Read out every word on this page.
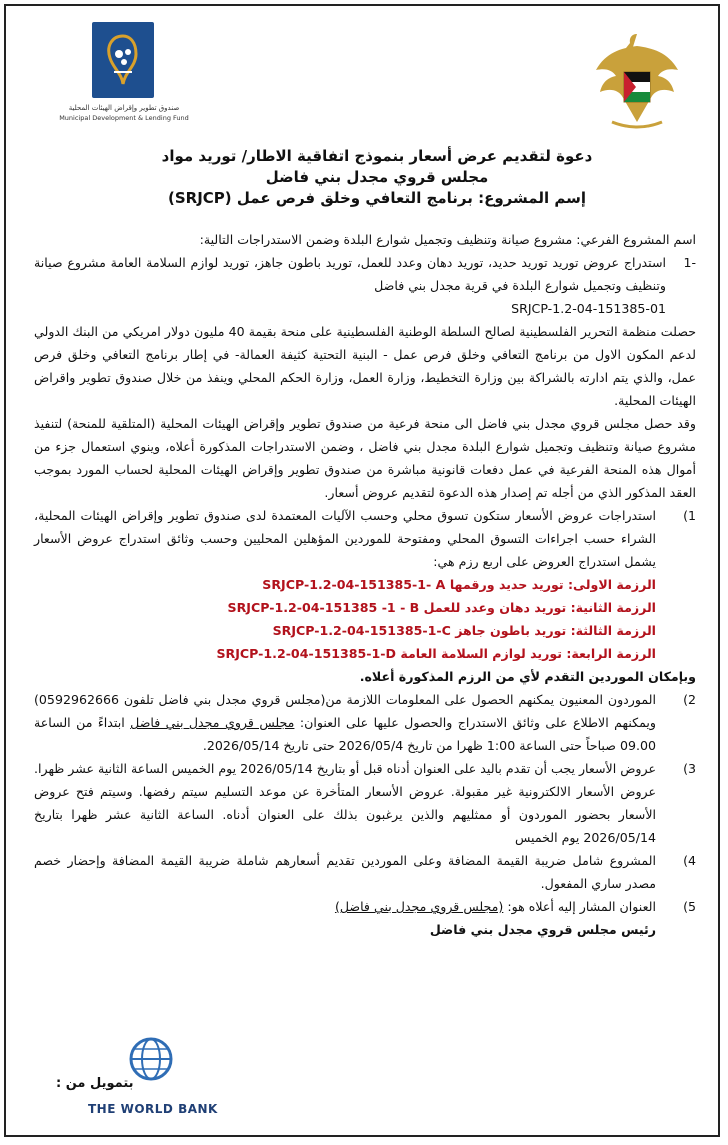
صندوق تطوير وإقراض الهيئات المحلية
Municipal Development & Lending Fund
دعوة لتقديم عرض أسعار بنموذج اتفاقية الاطار/ توريد مواد
مجلس قروي مجدل بني فاضل
إسم المشروع: برنامج التعافي وخلق فرص عمل (SRJCP)

اسم المشروع الفرعي: مشروع صيانة وتنظيف وتجميل شوارع البلدة وضمن الاستدراجات التالية:

-1
استدراج عروض توريد توريد حديد، توريد دهان وعدد للعمل، توريد باطون جاهز، توريد لوازم السلامة العامة مشروع صيانة وتنظيف وتجميل شوارع البلدة في قرية مجدل بني فاضل

SRJCP-1.2-04-151385-01

حصلت منظمة التحرير الفلسطينية لصالح السلطة الوطنية الفلسطينية على منحة بقيمة 40 مليون دولار امريكي من البنك الدولي لدعم المكون الاول من برنامج التعافي وخلق فرص عمل - البنية التحتية كثيفة العمالة- في إطار برنامج التعافي وخلق فرص عمل، والذي يتم ادارته بالشراكة بين وزارة التخطيط، وزارة العمل، وزارة الحكم المحلي وينفذ من خلال صندوق تطوير واقراض الهيئات المحلية.

وقد حصل مجلس قروي مجدل بني فاضل الى منحة فرعية من صندوق تطوير وإقراض الهيئات المحلية (المتلقية للمنحة) لتنفيذ مشروع صيانة وتنظيف وتجميل شوارع البلدة مجدل بني فاضل ، وضمن الاستدراجات المذكورة أعلاه، وينوي استعمال جزء من أموال هذه المنحة الفرعية في عمل دفعات قانونية مباشرة من صندوق تطوير وإقراض الهيئات المحلية لحساب المورد بموجب العقد المذكور الذي من أجله تم إصدار هذه الدعوة لتقديم عروض أسعار.

1)
استدراجات عروض الأسعار ستكون تسوق محلي وحسب الآليات المعتمدة لدى صندوق تطوير وإقراض الهيئات المحلية، الشراء حسب اجراءات التسوق المحلي ومفتوحة للموردين المؤهلين المحليين وحسب وثائق استدراج عروض الأسعار يشمل استدراج العروض على اربع رزم هي:

الرزمة الاولى: توريد حديد ورقمها SRJCP-1.2-04-151385-1- A

الرزمة الثانية: توريد دهان وعدد للعمل SRJCP-1.2-04-151385 -1 - B

الرزمة الثالثة: توريد باطون جاهز SRJCP-1.2-04-151385-1-C

الرزمة الرابعة: توريد لوازم السلامة العامة SRJCP-1.2-04-151385-1-D

وبإمكان الموردين التقدم لأي من الرزم المذكورة أعلاه.

2)
الموردون المعنيون يمكنهم الحصول على المعلومات اللازمة من(مجلس قروي مجدل بني فاضل تلفون 0592962666) ويمكنهم الاطلاع على وثائق الاستدراج والحصول عليها على العنوان: مجلس قروي مجدل بني فاضل ابتداءً من الساعة 09.00 صباحاً حتى الساعة 1:00 ظهرا من تاريخ 2026/05/4 حتى تاريخ 2026/05/14.

3)
عروض الأسعار يجب أن تقدم باليد على العنوان أدناه قبل أو بتاريخ 2026/05/14 يوم الخميس الساعة الثانية عشر ظهرا. عروض الأسعار الالكترونية غير مقبولة. عروض الأسعار المتأخرة عن موعد التسليم سيتم رفضها. وسيتم فتح عروض الأسعار بحضور الموردون أو ممثليهم والذين يرغبون بذلك على العنوان أدناه. الساعة الثانية عشر ظهرا بتاريخ 2026/05/14 يوم الخميس

4)
المشروع شامل ضريبة القيمة المضافة وعلى الموردين تقديم أسعارهم شاملة ضريبة القيمة المضافة وإحضار خصم مصدر ساري المفعول.

5)
العنوان المشار إليه أعلاه هو: (مجلس قروي مجدل بني فاضل)

رئيس مجلس قروي مجدل بني فاضل

بتمويل من :
THE WORLD BANK
